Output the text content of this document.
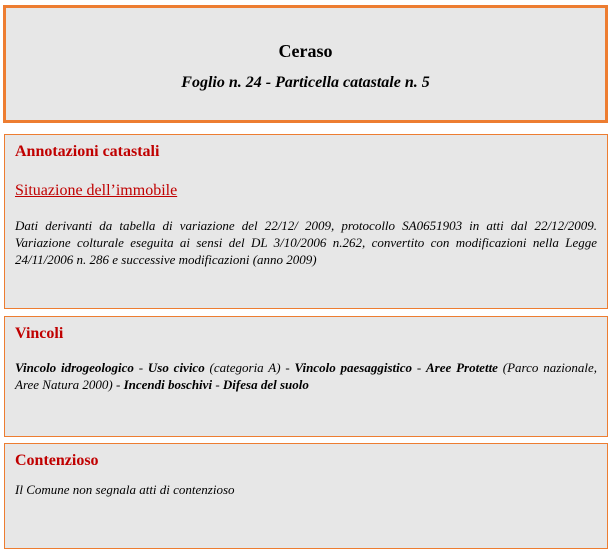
Ceraso
Foglio n. 24 - Particella catastale n. 5
Annotazioni catastali
Situazione dell’immobile
Dati derivanti da tabella di variazione del 22/12/ 2009, protocollo SA0651903 in atti dal 22/12/2009. Variazione colturale eseguita ai sensi del DL 3/10/2006 n.262, convertito con modificazioni nella Legge 24/11/2006 n. 286 e successive modificazioni (anno 2009)
Vincoli
Vincolo idrogeologico - Uso civico (categoria A) - Vincolo paesaggistico - Aree Protette (Parco nazionale, Aree Natura 2000) - Incendi boschivi - Difesa del suolo
Contenzioso
Il Comune non segnala atti di contenzioso
